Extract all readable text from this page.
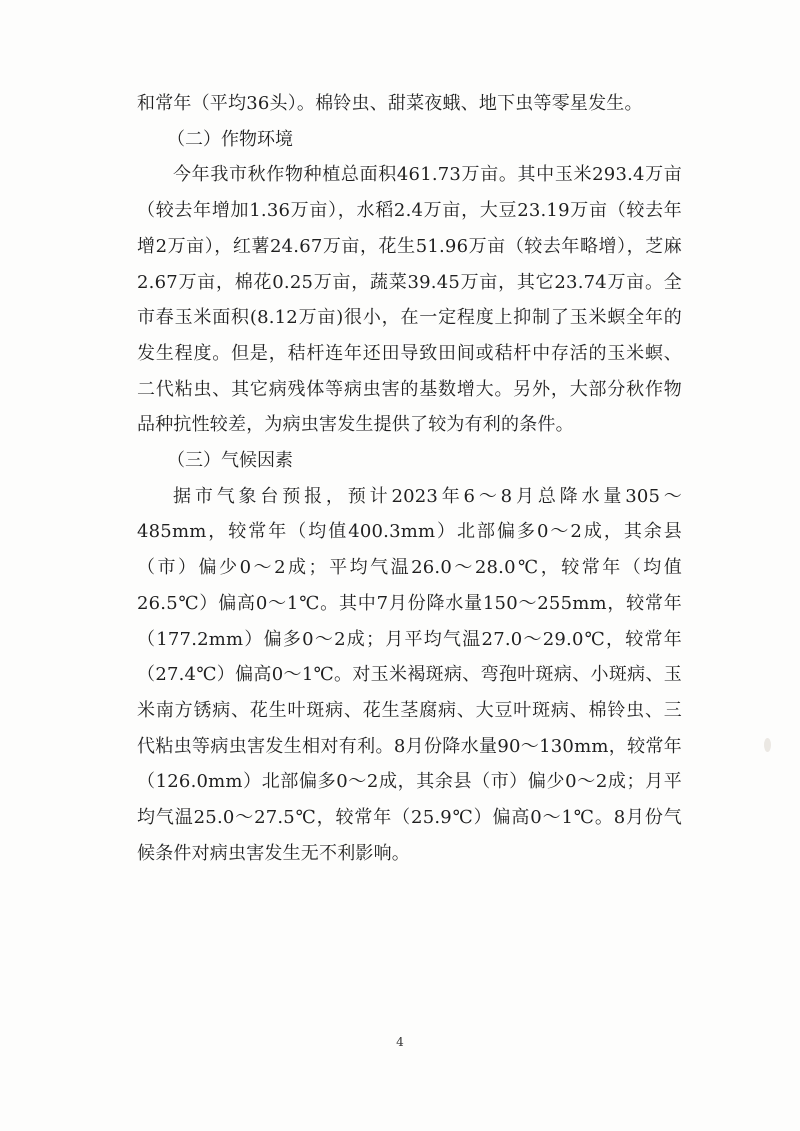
和常年（平均36头）。棉铃虫、甜菜夜蛾、地下虫等零星发生。

（二）作物环境

今年我市秋作物种植总面积461.73万亩。其中玉米293.4万亩（较去年增加1.36万亩），水稻2.4万亩，大豆23.19万亩（较去年增2万亩），红薯24.67万亩，花生51.96万亩（较去年略增），芝麻2.67万亩，棉花0.25万亩，蔬菜39.45万亩，其它23.74万亩。全市春玉米面积(8.12万亩)很小，在一定程度上抑制了玉米螟全年的发生程度。但是，秸杆连年还田导致田间或秸杆中存活的玉米螟、二代粘虫、其它病残体等病虫害的基数增大。另外，大部分秋作物品种抗性较差，为病虫害发生提供了较为有利的条件。

（三）气候因素

据市气象台预报，预计2023年6～8月总降水量305～485mm，较常年（均值400.3mm）北部偏多0～2成，其余县（市）偏少0～2成；平均气温26.0～28.0℃，较常年（均值26.5℃）偏高0～1℃。其中7月份降水量150～255mm，较常年（177.2mm）偏多0～2成；月平均气温27.0～29.0℃，较常年（27.4℃）偏高0～1℃。对玉米褐斑病、弯孢叶斑病、小斑病、玉米南方锈病、花生叶斑病、花生茎腐病、大豆叶斑病、棉铃虫、三代粘虫等病虫害发生相对有利。8月份降水量90～130mm，较常年（126.0mm）北部偏多0～2成，其余县（市）偏少0～2成；月平均气温25.0～27.5℃，较常年（25.9℃）偏高0～1℃。8月份气候条件对病虫害发生无不利影响。

4
